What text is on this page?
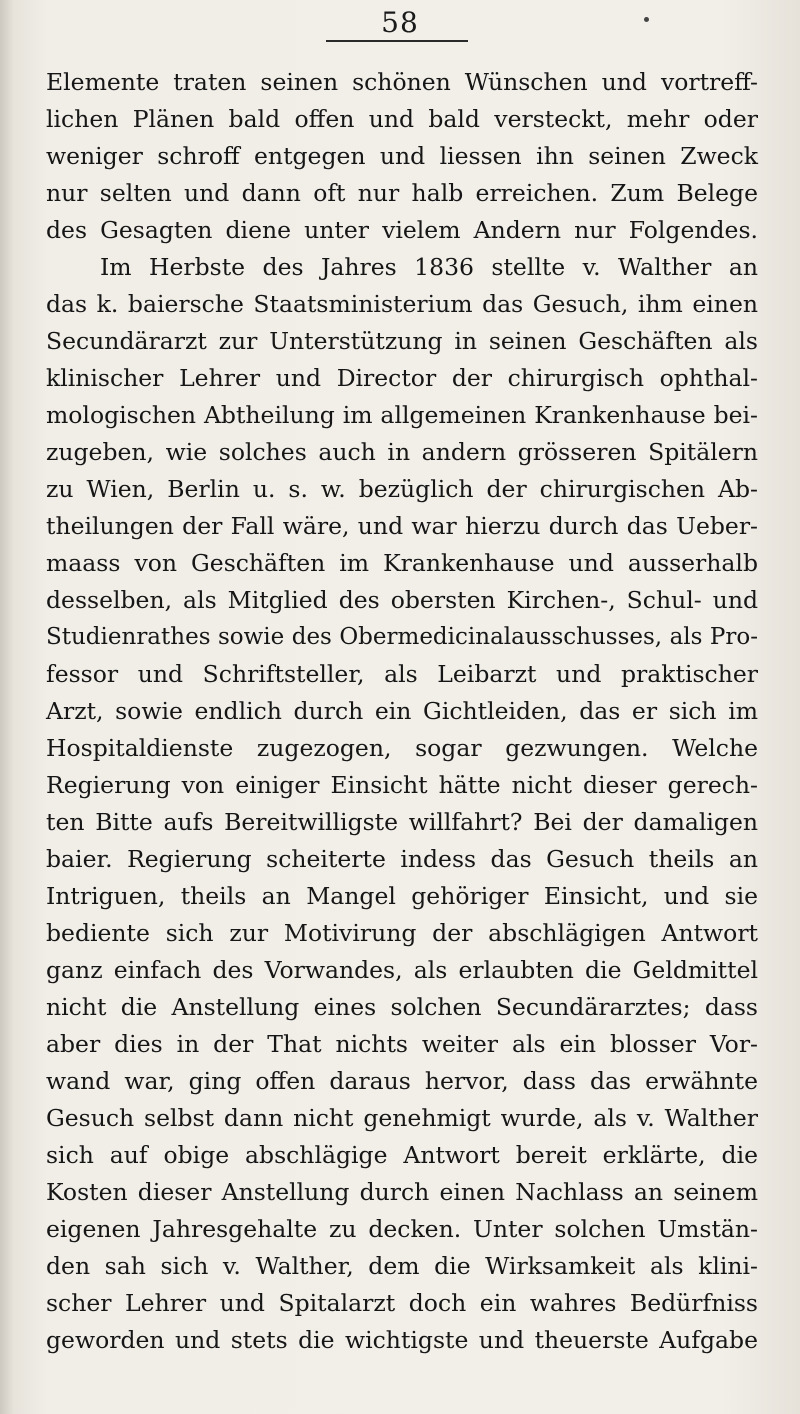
58
Elemente traten seinen schönen Wünschen und vortreff-
lichen Plänen bald offen und bald versteckt, mehr oder
weniger schroff entgegen und liessen ihn seinen Zweck
nur selten und dann oft nur halb erreichen. Zum Belege
des Gesagten diene unter vielem Andern nur Folgendes.
Im Herbste des Jahres 1836 stellte v. Walther an
das k. baiersche Staatsministerium das Gesuch, ihm einen
Secundärarzt zur Unterstützung in seinen Geschäften als
klinischer Lehrer und Director der chirurgisch ophthal-
mologischen Abtheilung im allgemeinen Krankenhause bei-
zugeben, wie solches auch in andern grösseren Spitälern
zu Wien, Berlin u. s. w. bezüglich der chirurgischen Ab-
theilungen der Fall wäre, und war hierzu durch das Ueber-
maass von Geschäften im Krankenhause und ausserhalb
desselben, als Mitglied des obersten Kirchen-, Schul- und
Studienrathes sowie des Obermedicinalausschusses, als Pro-
fessor und Schriftsteller, als Leibarzt und praktischer
Arzt, sowie endlich durch ein Gichtleiden, das er sich im
Hospitaldienste zugezogen, sogar gezwungen. Welche
Regierung von einiger Einsicht hätte nicht dieser gerech-
ten Bitte aufs Bereitwilligste willfahrt? Bei der damaligen
baier. Regierung scheiterte indess das Gesuch theils an
Intriguen, theils an Mangel gehöriger Einsicht, und sie
bediente sich zur Motivirung der abschlägigen Antwort
ganz einfach des Vorwandes, als erlaubten die Geldmittel
nicht die Anstellung eines solchen Secundärarztes; dass
aber dies in der That nichts weiter als ein blosser Vor-
wand war, ging offen daraus hervor, dass das erwähnte
Gesuch selbst dann nicht genehmigt wurde, als v. Walther
sich auf obige abschlägige Antwort bereit erklärte, die
Kosten dieser Anstellung durch einen Nachlass an seinem
eigenen Jahresgehalte zu decken. Unter solchen Umstän-
den sah sich v. Walther, dem die Wirksamkeit als klini-
scher Lehrer und Spitalarzt doch ein wahres Bedürfniss
geworden und stets die wichtigste und theuerste Aufgabe
